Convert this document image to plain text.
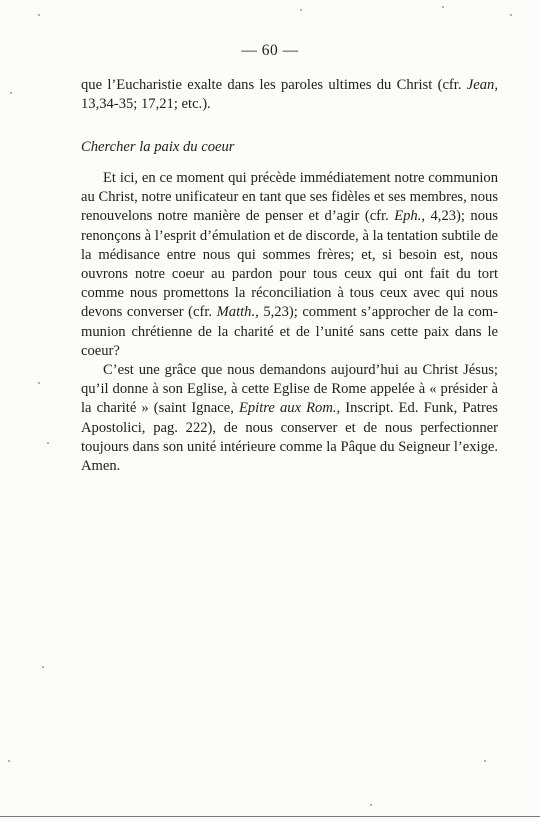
— 60 —

que l’Eucharistie exalte dans les paroles ultimes du Christ (cfr. Jean, 13,34-35; 17,21; etc.).

Chercher la paix du coeur

Et ici, en ce moment qui précède immédiatement notre communion au Christ, notre unificateur en tant que ses fidèles et ses membres, nous renouvelons notre manière de penser et d’agir (cfr. Eph., 4,23); nous renonçons à l’esprit d’émulation et de discorde, à la tentation subtile de la médisance entre nous qui sommes frères; et, si besoin est, nous ouvrons notre coeur au pardon pour tous ceux qui ont fait du tort comme nous promettons la réconciliation à tous ceux avec qui nous devons converser (cfr. Matth., 5,23); comment s’approcher de la com-munion chrétienne de la charité et de l’unité sans cette paix dans le coeur?

C’est une grâce que nous demandons aujourd’hui au Christ Jésus; qu’il donne à son Eglise, à cette Eglise de Rome appelée à « présider à la charité » (saint Ignace, Epitre aux Rom., Inscript. Ed. Funk, Patres Apostolici, pag. 222), de nous conserver et de nous perfectionner toujours dans son unité intérieure comme la Pâque du Seigneur l’exige. Amen.
